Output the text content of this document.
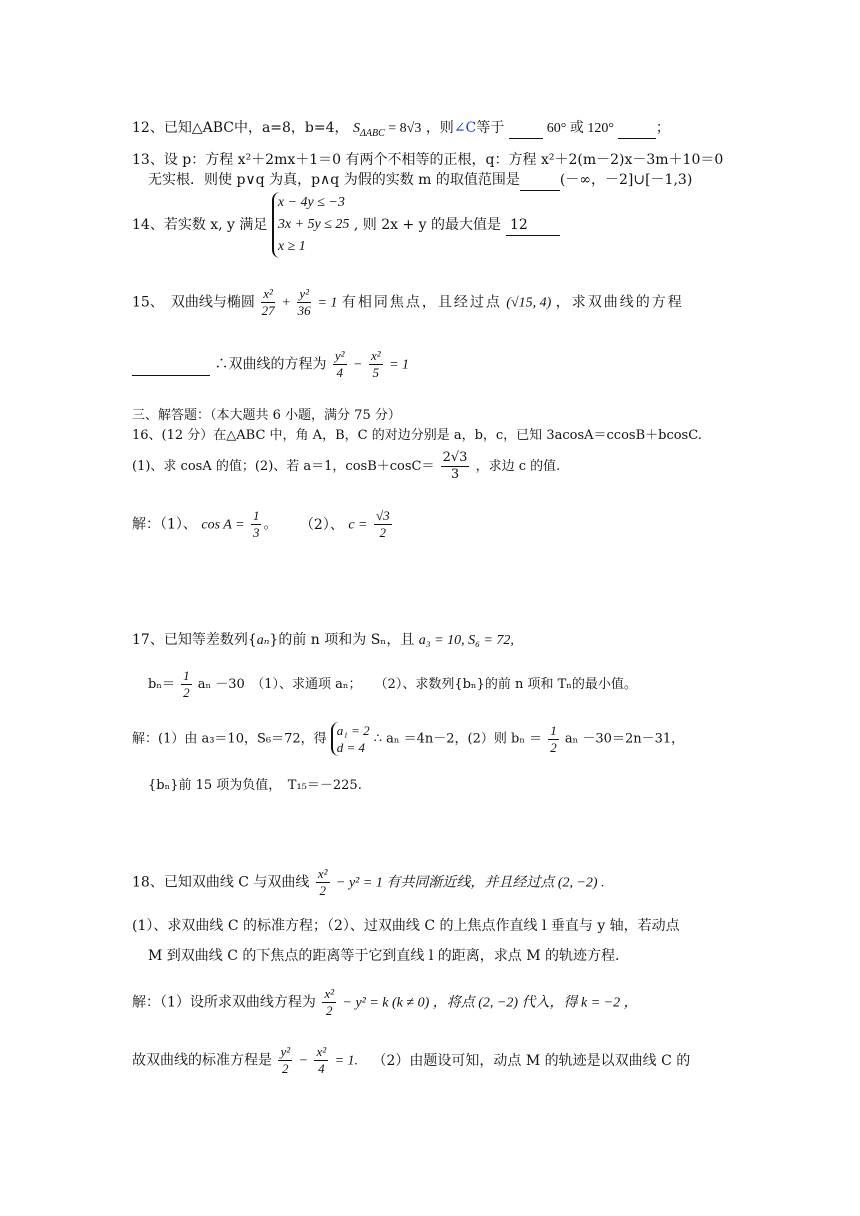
12、已知△ABC中，a=8，b=4， $S_{\Delta ABC} = 8√3$ ，则∠C等于	60° 或 120°	；
13、设 p：方程 x²＋2mx＋1＝0 有两个不相等的正根，q：方程 x²＋2(m－2)x－3m＋10＝0
无实根．则使 p∨q 为真，p∧q 为假的实数 m 的取值范围是	(－∞，－2]∪[－1,3)
14、若实数 x, y 满足
x − 4y ≤ −3
3x + 5y ≤ 25
x ≥ 1
, 则 2x + y 的最大值是 12
15、　双曲线与椭圆 $\frac{\text{x²}}{27} + \frac{\text{y²}}{36} = 1$ 有相同焦点，且经过点 (√15, 4) ，求双曲线的方程
∴双曲线的方程为 $\frac{\text{y²}}{4} - \frac{\text{x²}}{5} = 1$
三、解答题：（本大题共 6 小题，满分 75 分）
16、(12 分）在△ABC 中，角 A，B，C 的对边分别是 a，b，c，已知 3acosA＝ccosB＋bcosC.
(1)、求 cosA 的值；(2)、若 a＝1，$\cos B+\cos C= \frac{2√3}{3}$ ，求边 c 的值.
解：（1）、 $\cos A = \frac{1}{3}$ 。 （2）、 $c = \frac{√3}{2}$
17、已知等差数列{aₙ}的前 n 项和为 Sₙ，且 a₃ = 10, S₆ = 72,
$b_n= \frac{1}{2}$ aₙ －30　（1）、求通项 aₙ；　　（2）、求数列{bₙ}的前 n 项和 Tₙ的最小值。
解：(1）由 a₃＝10，S₆＝72，得
a₁ = 2
d = 4
∴ aₙ ＝4n－2，(2）则 $b_n = \frac{1}{2}$ aₙ －30＝2n－31，
{bₙ}前 15 项为负值，　T₁₅＝－225.
18、已知双曲线 C 与双曲线 $\frac{\text{x²}}{2} - y^2 = 1$ 有共同渐近线，并且经过点 (2, −2) .
(1）、求双曲线 C 的标准方程；（2）、过双曲线 C 的上焦点作直线 l 垂直与 y 轴，若动点
M 到双曲线 C 的下焦点的距离等于它到直线 l 的距离，求点 M 的轨迹方程.
解：（1）设所求双曲线方程为 $\frac{\text{x²}}{2} - y^2 = k$ (k ≠ 0) ，将点 (2, −2) 代入，得 k = −2 ，
故双曲线的标准方程是 $\frac{\text{y²}}{2} - \frac{\text{x²}}{4} = 1$. （2）由题设可知，动点 M 的轨迹是以双曲线 C 的
